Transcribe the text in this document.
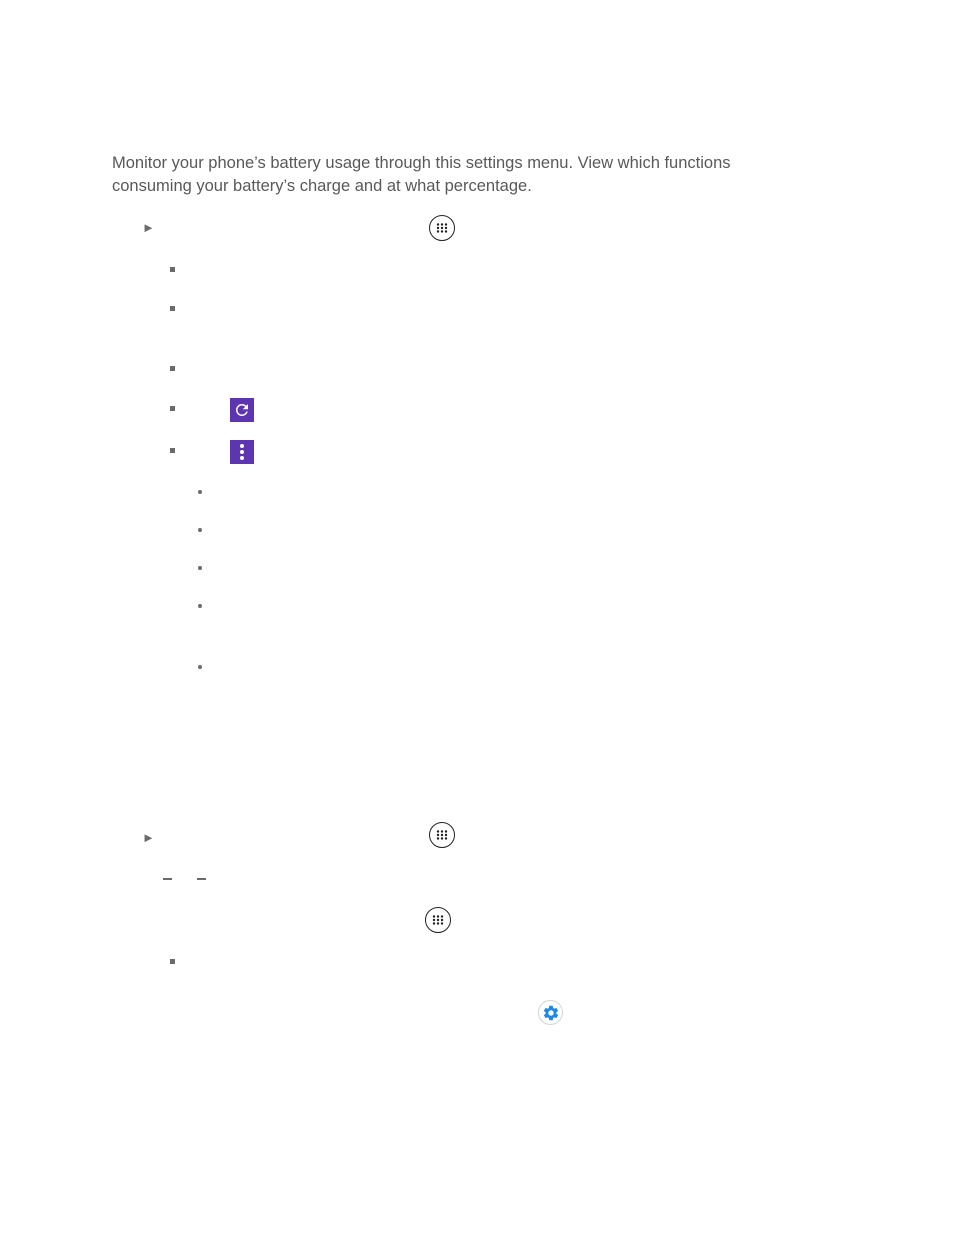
Monitor your phone’s battery usage through this settings menu. View which functions
consuming your battery’s charge and at what percentage.

►
►
